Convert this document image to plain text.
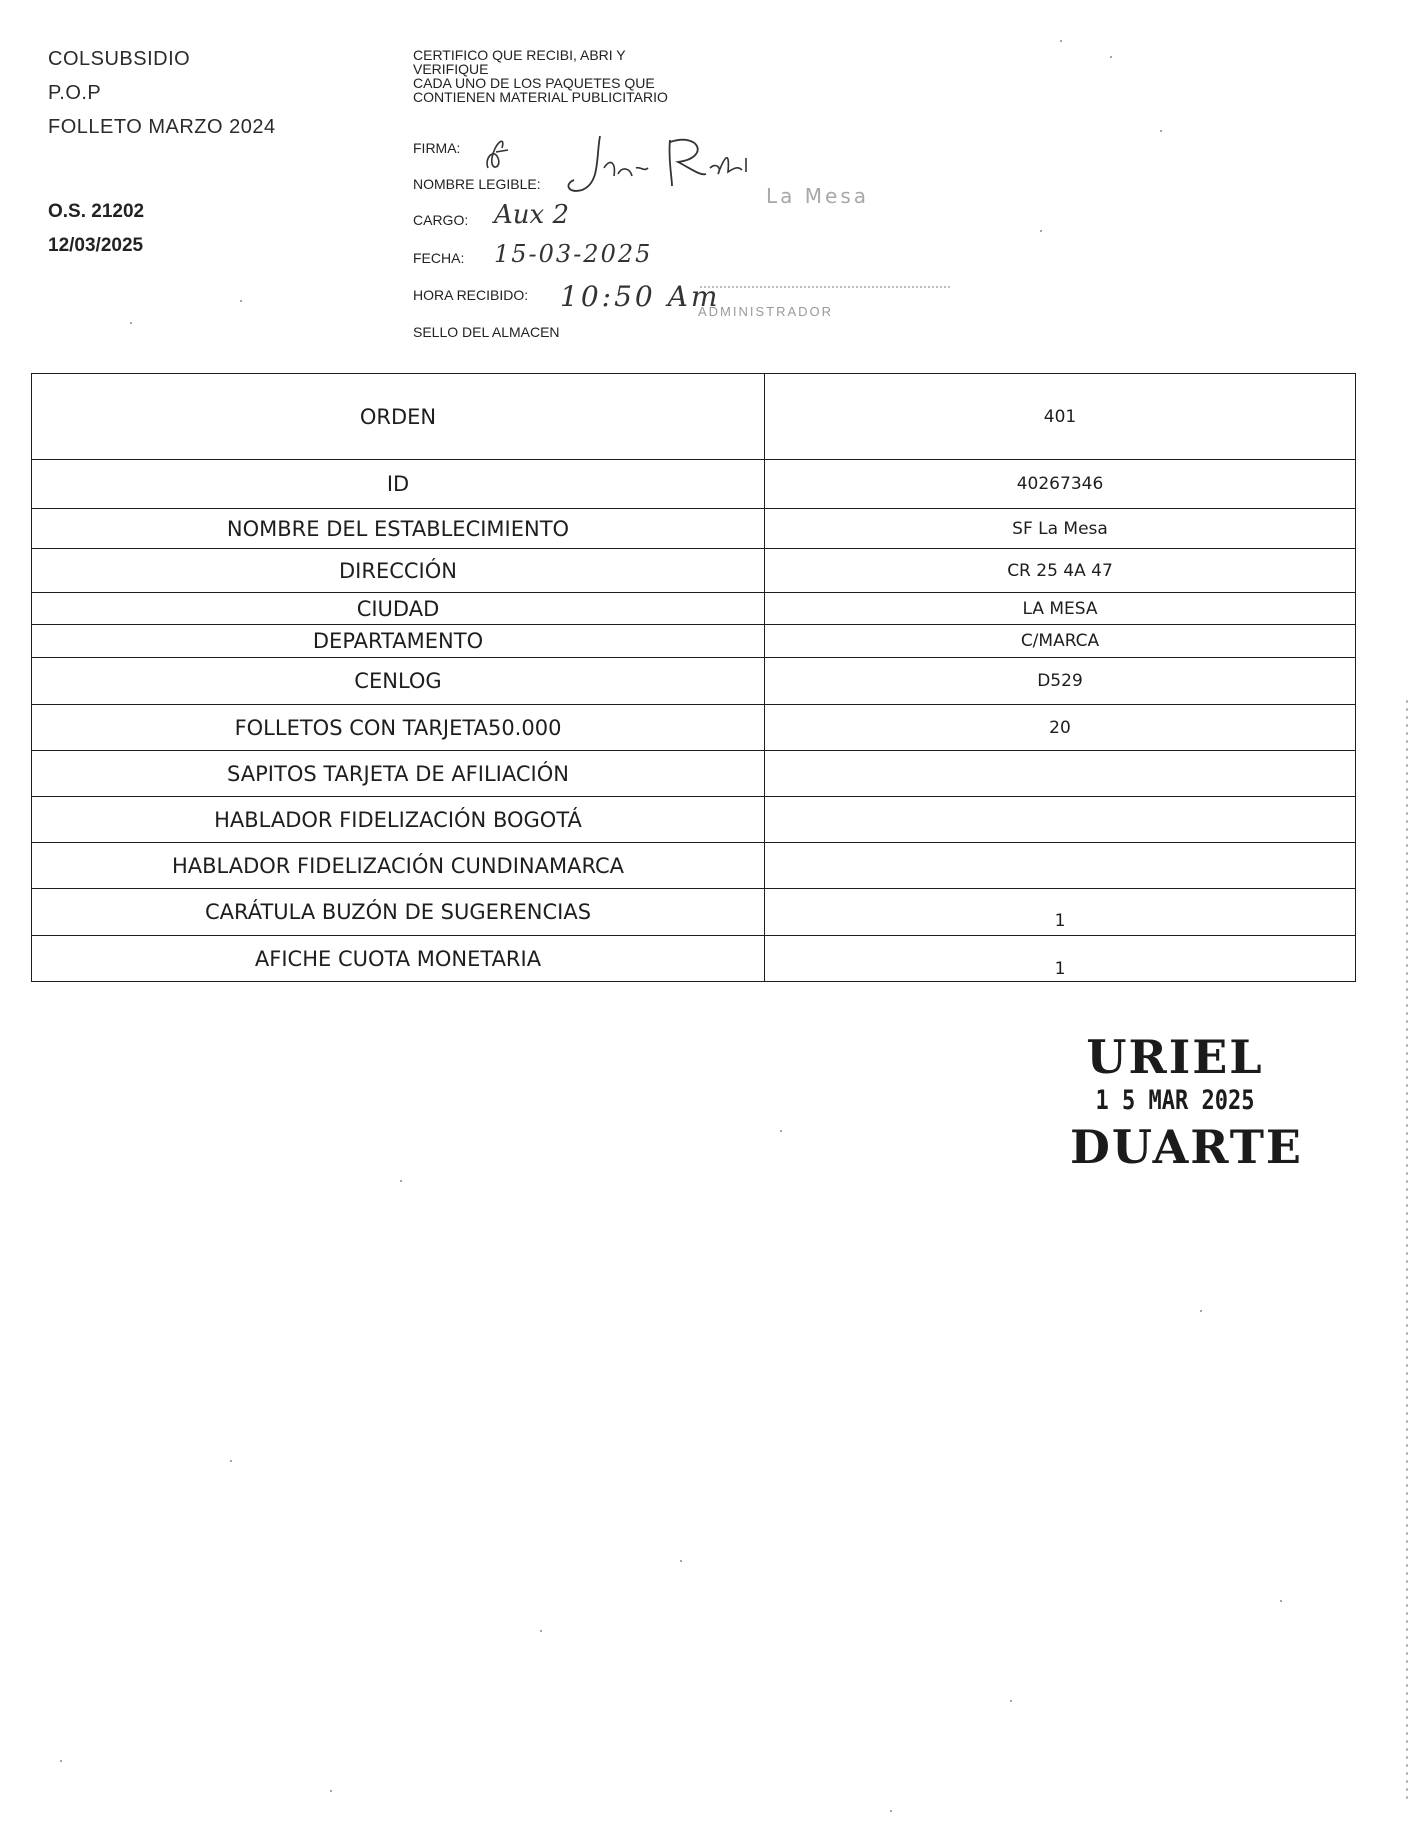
COLSUBSIDIO
P.O.P
FOLLETO MARZO 2024
O.S. 21202
12/03/2025
CERTIFICO QUE RECIBI, ABRI Y
VERIFIQUE
CADA UNO DE LOS PAQUETES QUE
CONTIENEN MATERIAL PUBLICITARIO
FIRMA:
NOMBRE LEGIBLE:	La Mesa
CARGO: Aux 2
FECHA: 15-03-2025
HORA RECIBIDO: 10:50 Am
ADMINISTRADOR
SELLO DEL ALMACEN
ORDEN	401
ID	40267346
NOMBRE DEL ESTABLECIMIENTO	SF La Mesa
DIRECCIÓN	CR 25 4A 47
CIUDAD	LA MESA
DEPARTAMENTO	C/MARCA
CENLOG	D529
FOLLETOS CON TARJETA50.000	20
SAPITOS TARJETA DE AFILIACIÓN	
HABLADOR FIDELIZACIÓN BOGOTÁ	
HABLADOR FIDELIZACIÓN CUNDINAMARCA	
CARÁTULA BUZÓN DE SUGERENCIAS	1
AFICHE CUOTA MONETARIA	1
URIEL
1 5 MAR 2025
DUARTE
